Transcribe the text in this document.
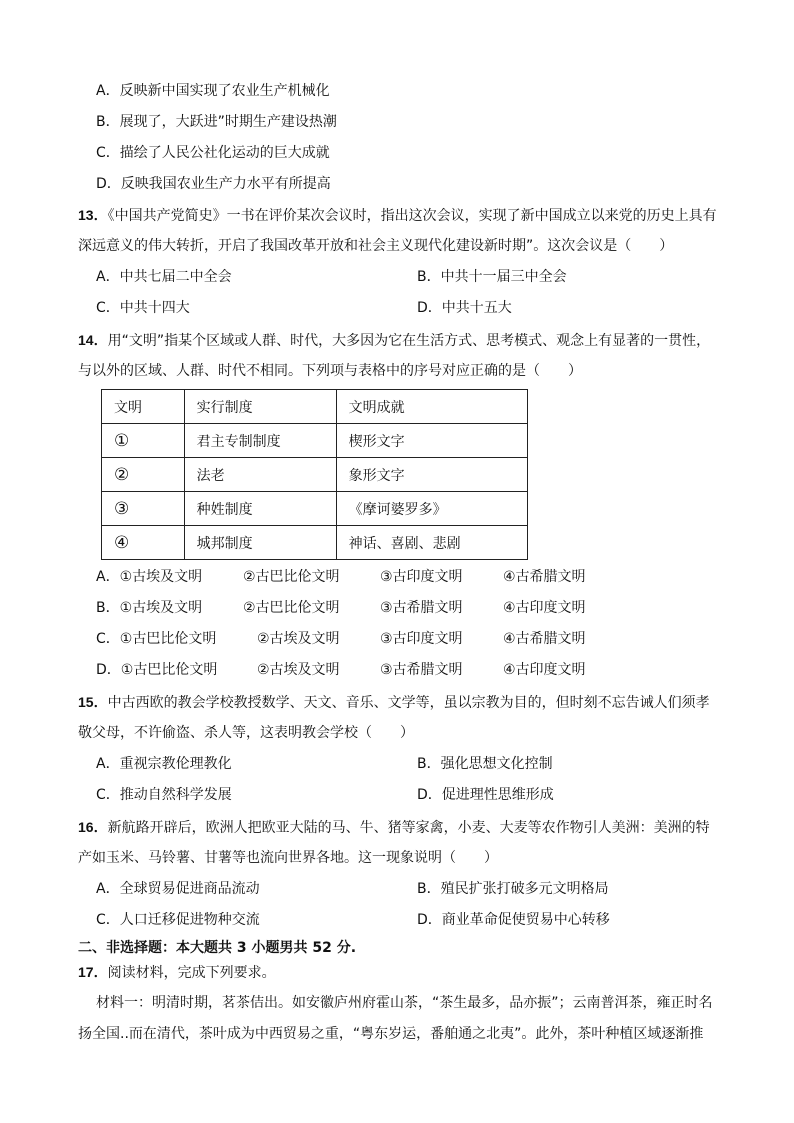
A．反映新中国实现了农业生产机械化
B．展现了，大跃进”时期生产建设热潮
C．描绘了人民公社化运动的巨大成就
D．反映我国农业生产力水平有所提高
13．《中国共产党简史》一书在评价某次会议时，指出这次会议，实现了新中国成立以来党的历史上具有
深远意义的伟大转折，开启了我国改革开放和社会主义现代化建设新时期”。这次会议是（　　）
A．中共七届二中全会	B．中共十一届三中全会
C．中共十四大	D．中共十五大
14．用“文明”指某个区域或人群、时代，大多因为它在生活方式、思考模式、观念上有显著的一贯性，
与以外的区域、人群、时代不相同。下列项与表格中的序号对应正确的是（　　）
文明	实行制度	文明成就
①	君主专制制度	楔形文字
②	法老	象形文字
③	种姓制度	《摩诃婆罗多》
④	城邦制度	神话、喜剧、悲剧
A．①古埃及文明	②古巴比伦文明	③古印度文明	④古希腊文明
B．①古埃及文明	②古巴比伦文明	③古希腊文明	④古印度文明
C．①古巴比伦文明	②古埃及文明	③古印度文明	④古希腊文明
D．①古巴比伦文明	②古埃及文明	③古希腊文明	④古印度文明
15．中古西欧的教会学校教授数学、天文、音乐、文学等，虽以宗教为目的，但时刻不忘告诫人们须孝
敬父母，不许偷盗、杀人等，这表明教会学校（　　）
A．重视宗教伦理教化	B．强化思想文化控制
C．推动自然科学发展	D．促进理性思维形成
16．新航路开辟后，欧洲人把欧亚大陆的马、牛、猪等家禽，小麦、大麦等农作物引人美洲：美洲的特
产如玉米、马铃薯、甘薯等也流向世界各地。这一现象说明（　　）
A．全球贸易促进商品流动	B．殖民扩张打破多元文明格局
C．人口迁移促进物种交流	D．商业革命促使贸易中心转移
二、非选择题：本大题共 3 小题男共 52 分.
17．阅读材料，完成下列要求。
材料一：明清时期，茗茶佶出。如安徽庐州府霍山茶，“茶生最多，品亦振”；云南普洱茶，雍正时名
扬全国..而在清代，茶叶成为中西贸易之重，“粤东岁运，番舶通之北夷”。此外，茶叶种植区域逐渐推
